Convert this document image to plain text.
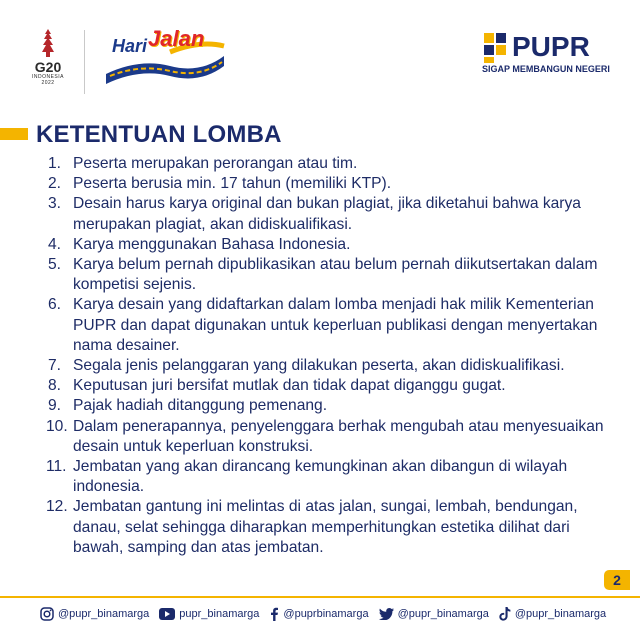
G20
INDONESIA
2022
Hari Jalan	PUPR
SIGAP MEMBANGUN NEGERI
KETENTUAN LOMBA
1. Peserta merupakan perorangan atau tim.
2. Peserta berusia min. 17 tahun (memiliki KTP).
3. Desain harus karya original dan bukan plagiat, jika diketahui bahwa karya merupakan plagiat, akan didiskualifikasi.
4. Karya menggunakan Bahasa Indonesia.
5. Karya belum pernah dipublikasikan atau belum pernah diikutsertakan dalam kompetisi sejenis.
6. Karya desain yang didaftarkan dalam lomba menjadi hak milik Kementerian PUPR dan dapat digunakan untuk keperluan publikasi dengan menyertakan nama desainer.
7. Segala jenis pelanggaran yang dilakukan peserta, akan didiskualifikasi.
8. Keputusan juri bersifat mutlak dan tidak dapat diganggu gugat.
9. Pajak hadiah ditanggung pemenang.
10. Dalam penerapannya, penyelenggara berhak mengubah atau menyesuaikan desain untuk keperluan konstruksi.
11. Jembatan yang akan dirancang kemungkinan akan dibangun di wilayah indonesia.
12. Jembatan gantung ini melintas di atas jalan, sungai, lembah, bendungan, danau, selat sehingga diharapkan memperhitungkan estetika dilihat dari bawah, samping dan atas jembatan.
2
@pupr_binamarga	pupr_binamarga @puprbinamarga	@pupr_binamarga @pupr_binamarga
